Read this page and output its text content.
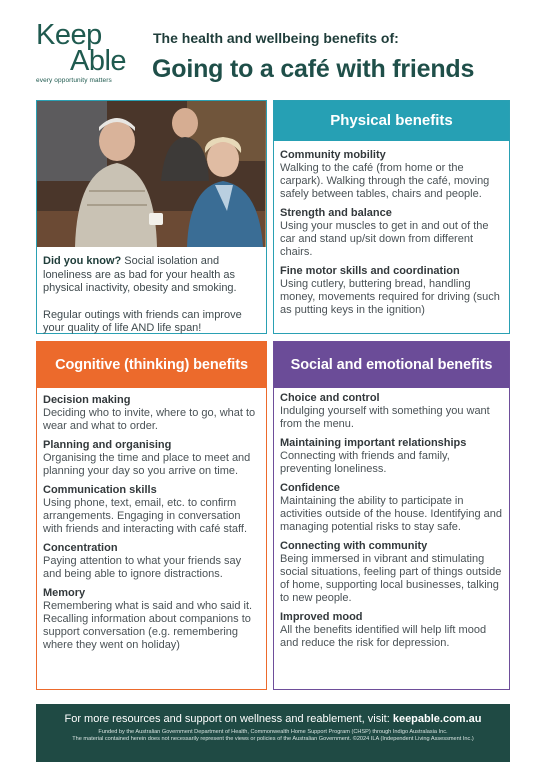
Keep
Able
every opportunity matters
The health and wellbeing benefits of:
Going to a café with friends

Did you know? Social isolation and loneliness are as bad for your health as physical inactivity, obesity and smoking.

Regular outings with friends can improve your quality of life AND life span!

Physical benefits
Community mobility
Walking to the café (from home or the carpark). Walking through the café, moving safely between tables, chairs and people.
Strength and balance
Using your muscles to get in and out of the car and stand up/sit down from different chairs.
Fine motor skills and coordination
Using cutlery, buttering bread, handling money, movements required for driving (such as putting keys in the ignition)
Cognitive (thinking) benefits
Decision making
Deciding who to invite, where to go, what to wear and what to order.
Planning and organising
Organising the time and place to meet and planning your day so you arrive on time.
Communication skills
Using phone, text, email, etc. to confirm arrangements. Engaging in conversation with friends and interacting with café staff.
Concentration
Paying attention to what your friends say and being able to ignore distractions.
Memory
Remembering what is said and who said it. Recalling information about companions to support conversation (e.g. remembering where they went on holiday)
Social and emotional benefits
Choice and control
Indulging yourself with something you want from the menu.
Maintaining important relationships
Connecting with friends and family, preventing loneliness.
Confidence
Maintaining the ability to participate in activities outside of the house. Identifying and managing potential risks to stay safe.
Connecting with community
Being immersed in vibrant and stimulating social situations, feeling part of things outside of home, supporting local businesses, talking to new people.
Improved mood
All the benefits identified will help lift mood and reduce the risk for depression.
For more resources and support on wellness and reablement, visit: keepable.com.au
Funded by the Australian Government Department of Health, Commonwealth Home Support Program (CHSP) through Indigo Australasia Inc.
The material contained herein does not necessarily represent the views or policies of the Australian Government. ©2024 ILA (Independent Living Assessment Inc.)
